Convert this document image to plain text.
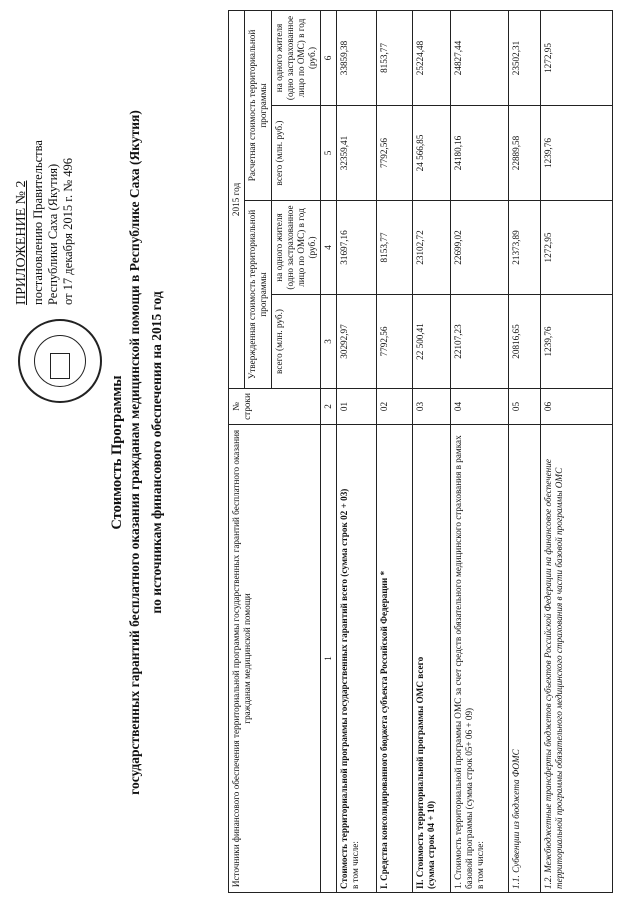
ПРИЛОЖЕНИЕ № 2 постановлению Правительства Республики Саха (Якутия) от 17 декабря 2015 г. № 496
Стоимость Программы государственных гарантий бесплатного оказания гражданам медицинской помощи в Республике Саха (Якутия) по источникам финансового обеспечения на 2015 год	Источники финансового обеспечения территориальной программы государственных гарантий бесплатного оказания гражданам медицинской помощи	№ строки	2015 год			
		Утвержденная стоимость территориальной программы		Расчетная стоимость территориальной программы	
		всего (млн. руб.)	на одного жителя (одно застрахованное лицо по ОМС) в год (руб.)	всего (млн. руб.)	на одного жителя (одно застрахованное лицо по ОМС) в год (руб.)
1	2	3	4	5	6
Стоимость территориальной программы государственных гарантий всего (сумма строк 02 + 03)
в том числе:	01	30292,97	31697,16	32359,41	33859,38
I. Средства консолидированного бюджета субъекта Российской Федерации *	02	7792,56	8153,77	7792,56	8153,77
II. Стоимость территориальной программы ОМС всего
(сумма строк 04 + 10)	03	22 500,41	23102,72	24 566,85	25224,48
1. Стоимость территориальной программы ОМС за счет средств обязательного медицинского страхования в рамках базовой программы (сумма строк 05+ 06 + 09)
в том числе:	04	22107,23	22699,02	24180,16	24827,44
1.1. Субвенции из бюджета ФОМС	05	20816,65	21373,89	22889,58	23502,31
1.2. Межбюджетные трансферты бюджетов субъектов Российской Федерации на финансовое обеспечение территориальной программы обязательного медицинского страхования в части базовой программы ОМС	06	1239,76	1272,95	1239,76	1272,95
